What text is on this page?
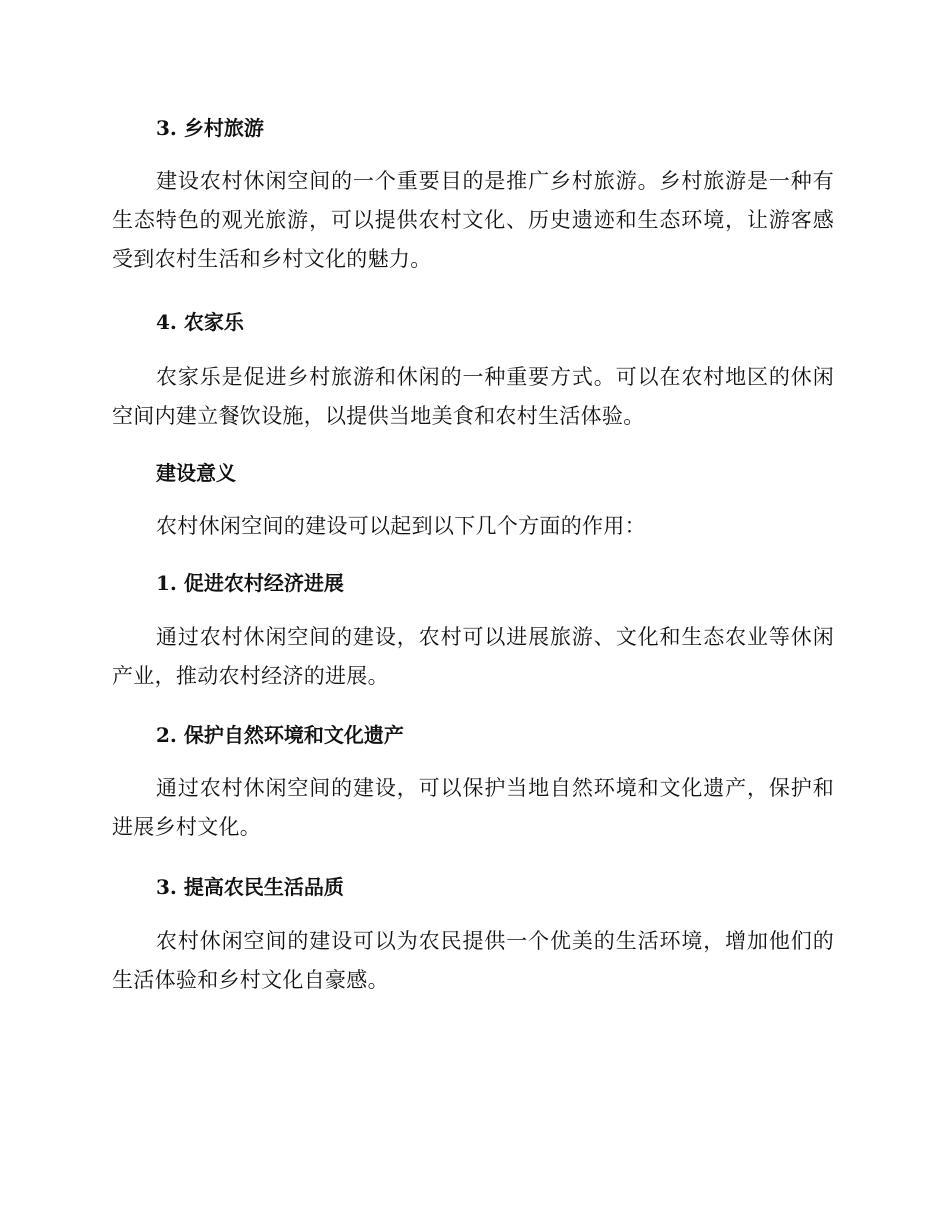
3. 乡村旅游

建设农村休闲空间的一个重要目的是推广乡村旅游。乡村旅游是一种有生态特色的观光旅游，可以提供农村文化、历史遗迹和生态环境，让游客感受到农村生活和乡村文化的魅力。

4. 农家乐

农家乐是促进乡村旅游和休闲的一种重要方式。可以在农村地区的休闲空间内建立餐饮设施，以提供当地美食和农村生活体验。

建设意义

农村休闲空间的建设可以起到以下几个方面的作用：

1. 促进农村经济进展

通过农村休闲空间的建设，农村可以进展旅游、文化和生态农业等休闲产业，推动农村经济的进展。

2. 保护自然环境和文化遗产

通过农村休闲空间的建设，可以保护当地自然环境和文化遗产，保护和进展乡村文化。

3. 提高农民生活品质

农村休闲空间的建设可以为农民提供一个优美的生活环境，增加他们的生活体验和乡村文化自豪感。
